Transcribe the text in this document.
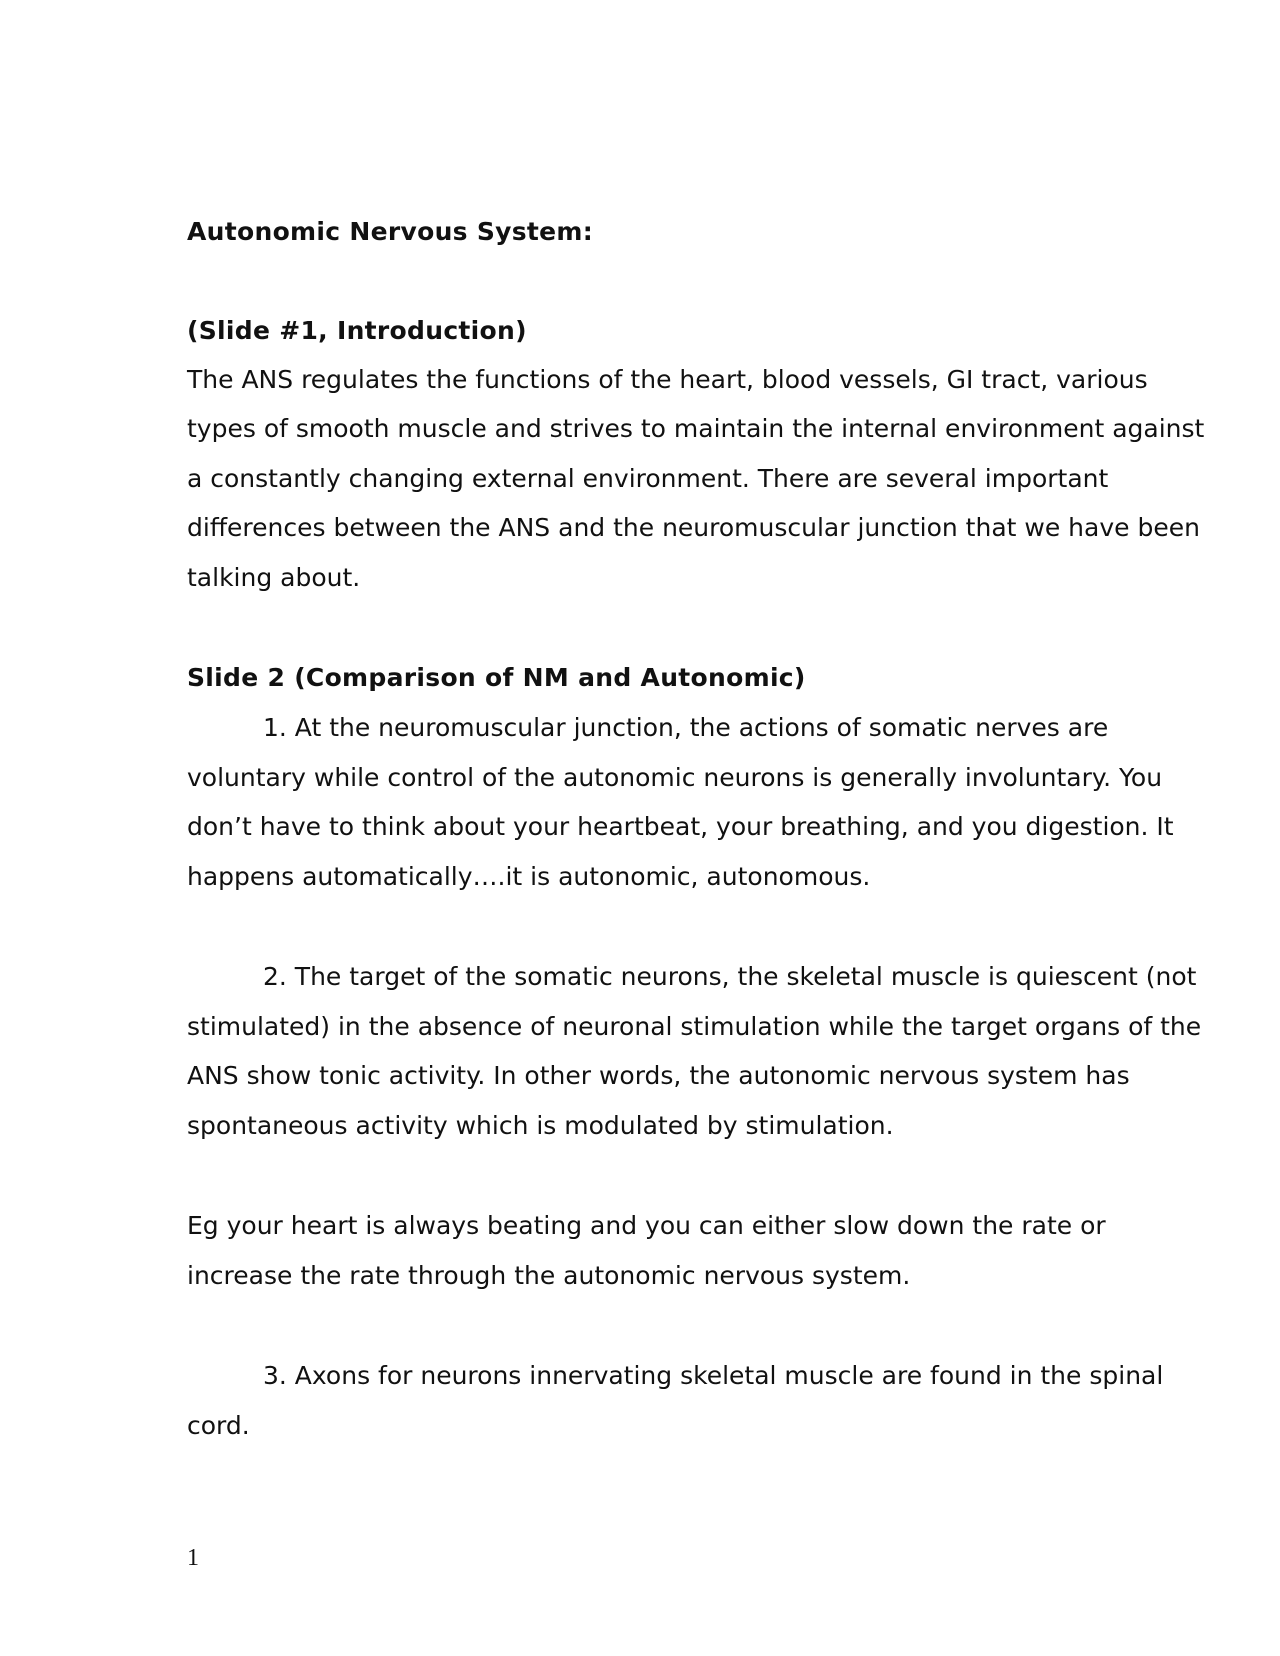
Autonomic Nervous System:
(Slide #1, Introduction)
The ANS regulates the functions of the heart, blood vessels, GI tract, various
types of smooth muscle and strives to maintain the internal environment against
a constantly changing external environment. There are several important
differences between the ANS and the neuromuscular junction that we have been
talking about.
Slide 2 (Comparison of NM and Autonomic)
1. At the neuromuscular junction, the actions of somatic nerves are
voluntary while control of the autonomic neurons is generally involuntary. You
don’t have to think about your heartbeat, your breathing, and you digestion. It
happens automatically….it is autonomic, autonomous.
2. The target of the somatic neurons, the skeletal muscle is quiescent (not
stimulated) in the absence of neuronal stimulation while the target organs of the
ANS show tonic activity. In other words, the autonomic nervous system has
spontaneous activity which is modulated by stimulation.
Eg your heart is always beating and you can either slow down the rate or
increase the rate through the autonomic nervous system.
3. Axons for neurons innervating skeletal muscle are found in the spinal
cord.
1
